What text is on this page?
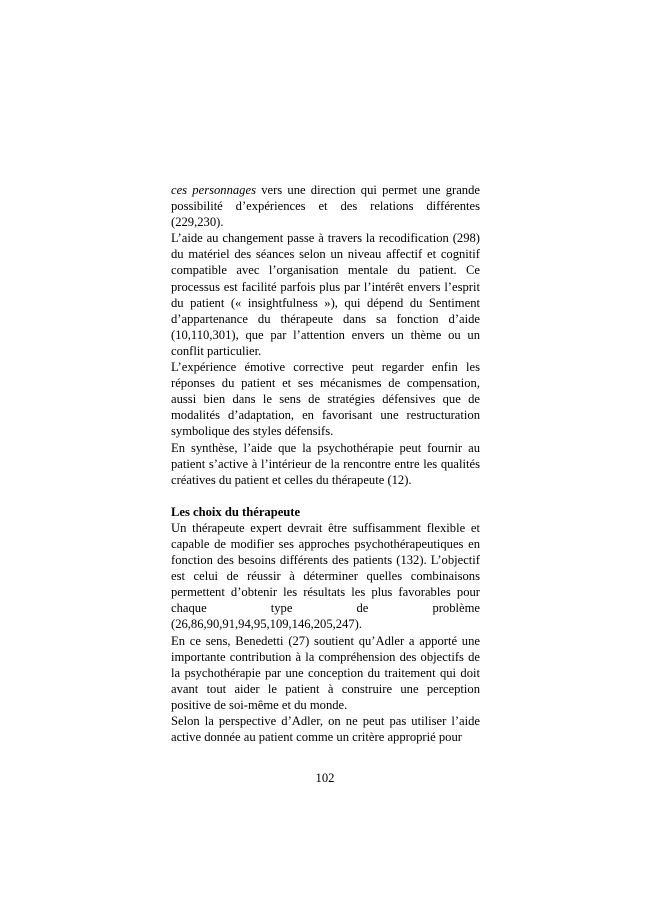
ces personnages vers une direction qui permet une grande possibilité d’expériences et des relations différentes (229,230).

L’aide au changement passe à travers la recodification (298) du matériel des séances selon un niveau affectif et cognitif compatible avec l’organisation mentale du patient. Ce processus est facilité parfois plus par l’intérêt envers l’esprit du patient (« insightfulness »), qui dépend du Sentiment d’appartenance du thérapeute dans sa fonction d’aide (10,110,301), que par l’attention envers un thème ou un conflit particulier.

L’expérience émotive corrective peut regarder enfin les réponses du patient et ses mécanismes de compensation, aussi bien dans le sens de stratégies défensives que de modalités d’adaptation, en favorisant une restructuration symbolique des styles défensifs.

En synthèse, l’aide que la psychothérapie peut fournir au patient s’active à l’intérieur de la rencontre entre les qualités créatives du patient et celles du thérapeute (12).

Les choix du thérapeute

Un thérapeute expert devrait être suffisamment flexible et capable de modifier ses approches psychothérapeutiques en fonction des besoins différents des patients (132). L’objectif est celui de réussir à déterminer quelles combinaisons permettent d’obtenir les résultats les plus favorables pour chaque type de problème (26,86,90,91,94,95,109,146,205,247).

En ce sens, Benedetti (27) soutient qu’Adler a apporté une importante contribution à la compréhension des objectifs de la psychothérapie par une conception du traitement qui doit avant tout aider le patient à construire une perception positive de soi-même et du monde.

Selon la perspective d’Adler, on ne peut pas utiliser l’aide active donnée au patient comme un critère approprié pour

102
